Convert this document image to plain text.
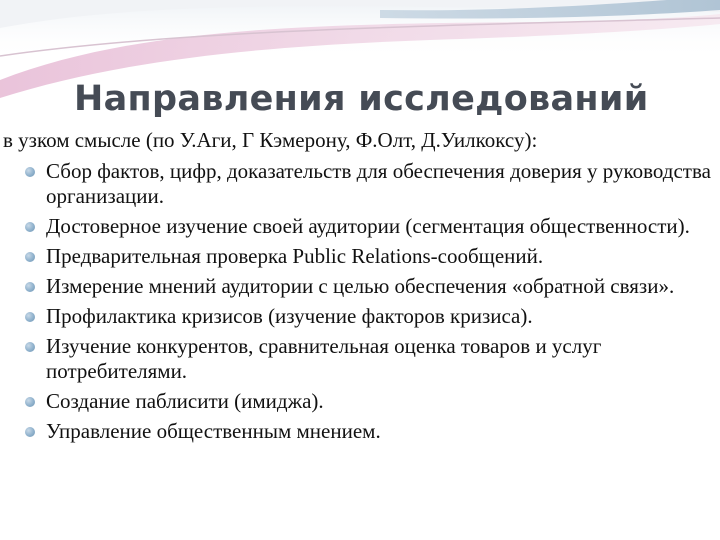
Направления исследований

в узком смысле (по У.Аги, Г Кэмерону, Ф.Олт, Д.Уилкоксу):

Сбор фактов, цифр, доказательств для обеспечения доверия у руководства организации.
Достоверное изучение своей аудитории (сегментация общественности).
Предварительная проверка Public Relations-сообщений.
Измерение мнений аудитории с целью обеспечения «обратной связи».
Профилактика кризисов (изучение факторов кризиса).
Изучение конкурентов, сравнительная оценка товаров и услуг потребителями.
Создание паблисити (имиджа).
Управление общественным мнением.
